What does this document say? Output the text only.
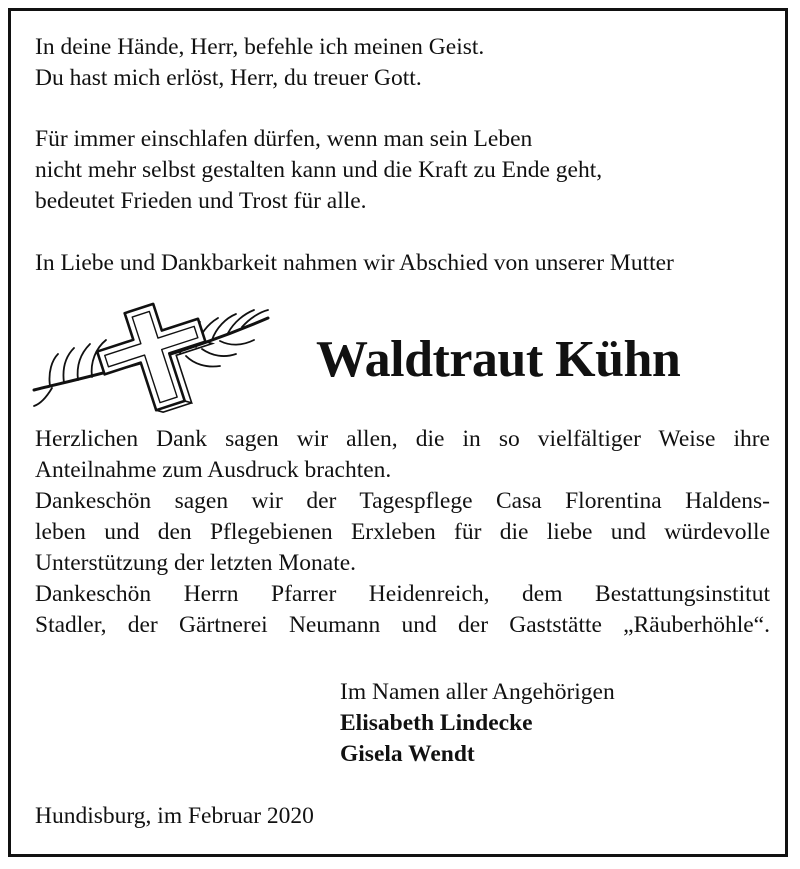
In deine Hände, Herr, befehle ich meinen Geist.
Du hast mich erlöst, Herr, du treuer Gott.
Für immer einschlafen dürfen, wenn man sein Leben
nicht mehr selbst gestalten kann und die Kraft zu Ende geht,
bedeutet Frieden und Trost für alle.
In Liebe und Dankbarkeit nahmen wir Abschied von unserer Mutter
Waldtraut Kühn
Herzlichen Dank sagen wir allen, die in so vielfältiger Weise ihre
Anteilnahme zum Ausdruck brachten.
Dankeschön sagen wir der Tagespflege Casa Florentina Haldens-
leben und den Pflegebienen Erxleben für die liebe und würdevolle
Unterstützung der letzten Monate.
Dankeschön Herrn Pfarrer Heidenreich, dem Bestattungsinstitut
Stadler, der Gärtnerei Neumann und der Gaststätte „Räuberhöhle“.
Im Namen aller Angehörigen
Elisabeth Lindecke
Gisela Wendt
Hundisburg, im Februar 2020
